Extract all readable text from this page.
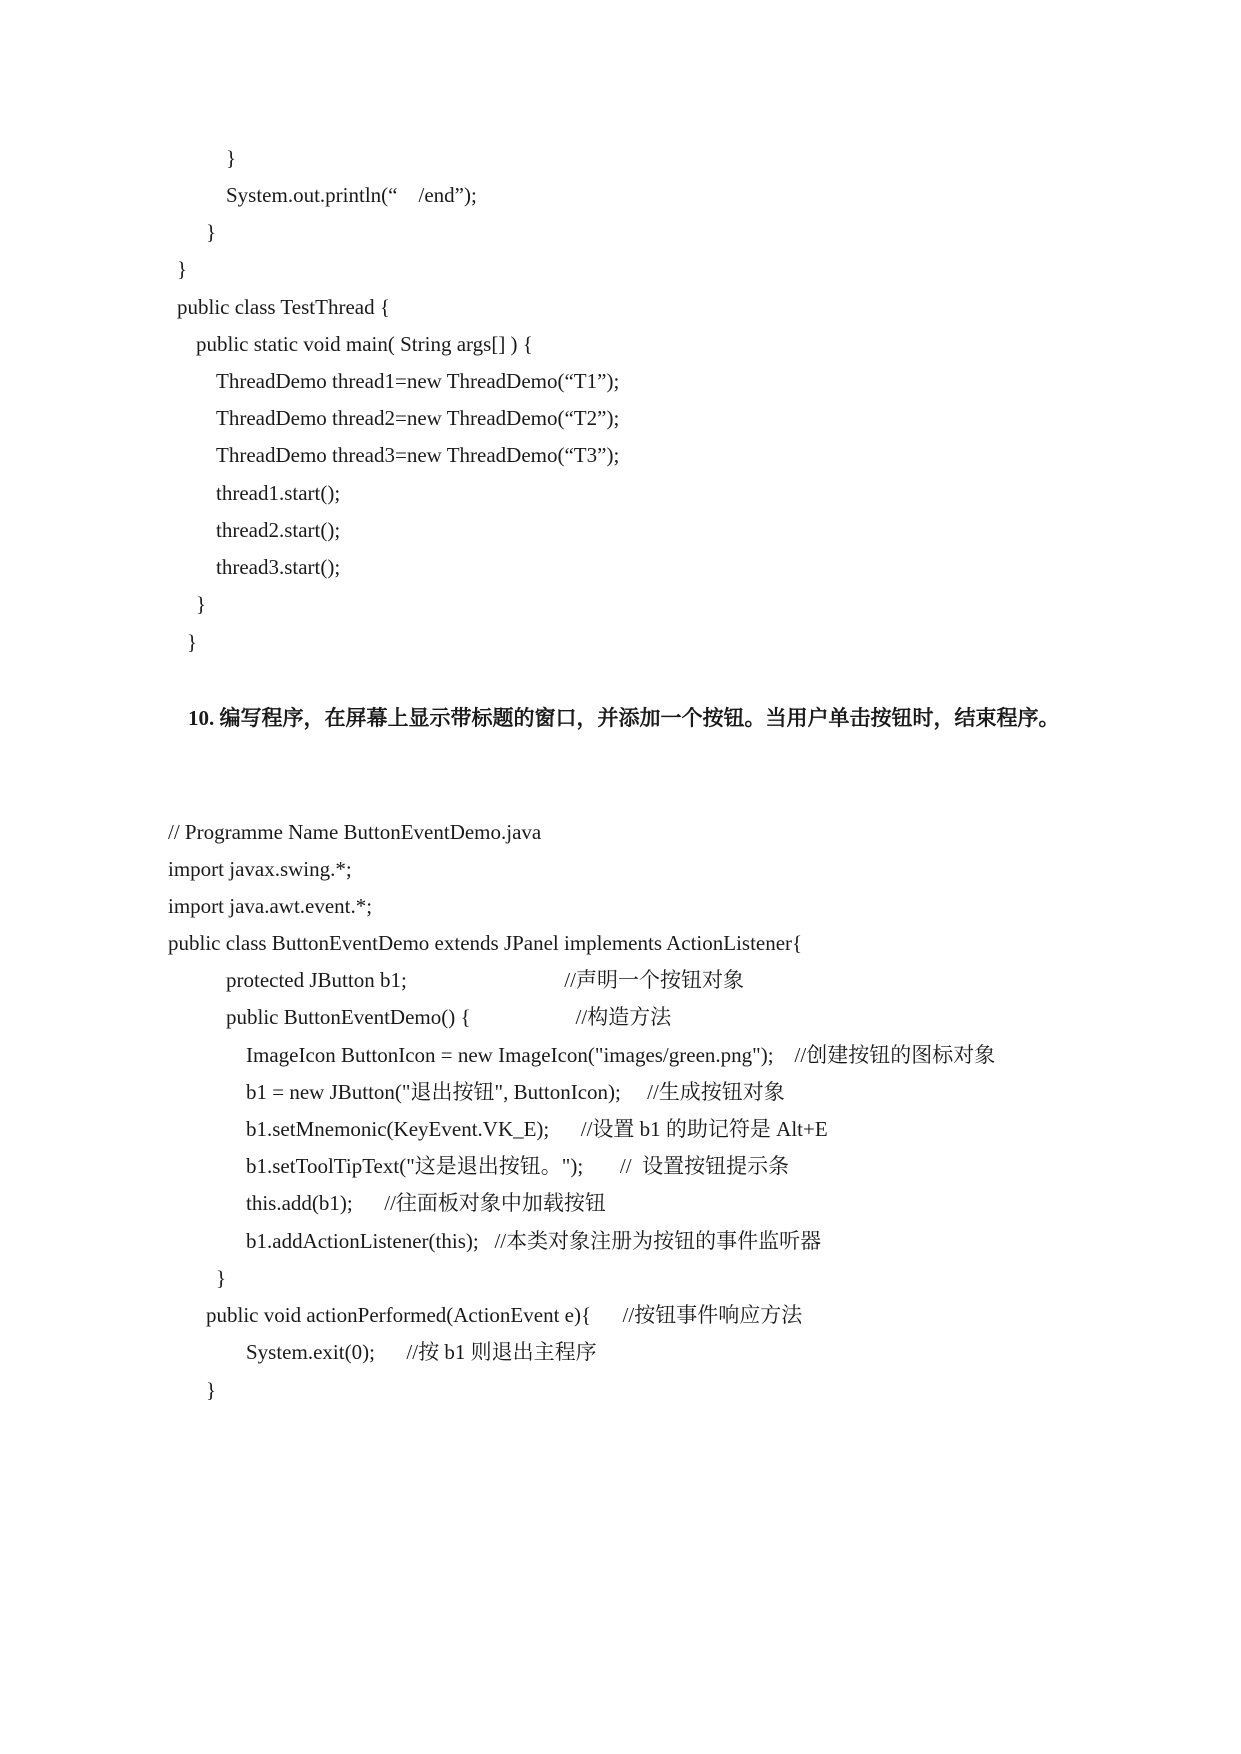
}
System.out.println(“    /end”);
}
}
public class TestThread {
public static void main( String args[] ) {
ThreadDemo thread1=new ThreadDemo(“T1”);
ThreadDemo thread2=new ThreadDemo(“T2”);
ThreadDemo thread3=new ThreadDemo(“T3”);
thread1.start();
thread2.start();
thread3.start();
}
}
10. 编写程序，在屏幕上显示带标题的窗口，并添加一个按钮。当用户单击按钮时，结束程序。
// Programme Name ButtonEventDemo.java
import javax.swing.*;
import java.awt.event.*;
public class ButtonEventDemo extends JPanel implements ActionListener{
protected JButton b1;                              //声明一个按钮对象
public ButtonEventDemo() {                    //构造方法
ImageIcon ButtonIcon = new ImageIcon("images/green.png");    //创建按钮的图标对象
b1 = new JButton("退出按钮", ButtonIcon);     //生成按钮对象
b1.setMnemonic(KeyEvent.VK_E);      //设置 b1 的助记符是 Alt+E
b1.setToolTipText("这是退出按钮。");       //  设置按钮提示条
this.add(b1);      //往面板对象中加载按钮
b1.addActionListener(this);   //本类对象注册为按钮的事件监听器
}
public void actionPerformed(ActionEvent e){      //按钮事件响应方法
System.exit(0);      //按 b1 则退出主程序
}
